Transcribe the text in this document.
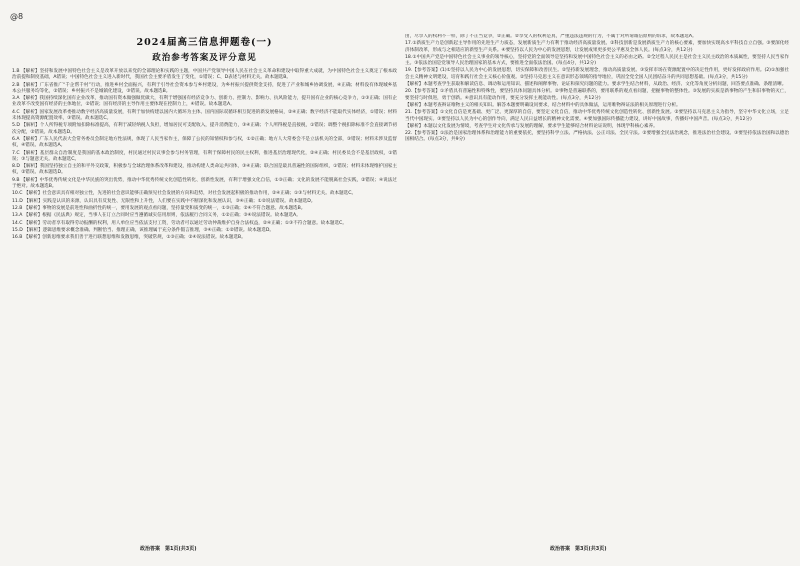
@8
2024届高三信息押题卷(一)
政治参考答案及评分意见

1.B 【解析】坚持和发展中国特色社会主义是改革开放以来党的全部理论和实践的主题，中国共产党领导中国人民在社会主义革命和建设中取得重大成就，为中国特色社会主义奠定了根本政治前提和制度基础，A错误；中国特色社会主义进入新时代，我国社会主要矛盾发生了变化，①错误；C、D表述与材料无关。故本题选B。

2.B 【解析】广东省推广“千企帮千村”行动，推进乡村全面振兴，有利于引导社会资本参与乡村建设，为乡村振兴提供资金支持，促进了产业和城乡协调发展，④正确；材料没有体现城乡基本公共服务均等化，②错误；乡村振兴不是城镇化建设，③错误。故本题选B。

3.A 【解析】我国持续深化国有企业改革，推动国有资本做强做优做大，有利于增强国有经济竞争力、创新力、控制力、影响力、抗风险能力，提升国有企业的核心竞争力，①③正确；国有企业改革不改变国有经济的主体地位，②错误；国有经济的主导作用主要体现在控制力上，④错误。故本题选A。

4.C 【解析】国家发展改革委推动数字经济高质量发展，有利于加快构建以国内大循环为主体、国内国际双循环相互促进的新发展格局，②④正确；数字经济不能取代实体经济，①错误；材料未体现提高资源配置效率，③错误。故本题选C。

5.D 【解析】个人所得税专项附加扣除标准提高，有利于减轻纳税人负担，增加居民可支配收入，提升消费能力，③④正确；个人所得税是直接税，①错误；调整个税扣除标准不会直接调节初次分配，②错误。故本题选D。

6.A 【解析】广东人民代表大会常务委员会制定地方性法规，体现了人民当家作主，保障了公民的知情权和参与权，①②正确；地方人大常委会不是立法机关的全部，③错误；材料未涉及监督权，④错误。故本题选A。

7.C 【解析】基层群众自治制度是我国的基本政治制度，村民通过村民议事会参与村务管理，有利于保障村民的民主权利，推进基层治理现代化，②④正确；村民委员会不是基层政权，①错误；③与题意无关。故本题选C。

8.D 【解析】我国坚持独立自主的和平外交政策，积极参与全球治理体系改革和建设，推动构建人类命运共同体，③④正确；联合国是最具普遍性的国际组织，①错误；材料未体现维护国家主权，②错误。故本题选D。

9.B 【解析】中华优秀传统文化是中华民族的突出优势，推动中华优秀传统文化创造性转化、创新性发展，有利于增强文化自信，①③正确；文化的发展不能脱离社会实践，②错误；④说法过于绝对。故本题选B。

10.C 【解析】社会意识具有相对独立性，先进的社会意识能够正确预见社会发展的方向和趋势，对社会发展起积极的推动作用，②④正确；①③与材料无关。故本题选C。

11.D 【解析】实践是认识的来源，认识具有反复性、无限性和上升性，人们要在实践中不断深化和发展认识，③④正确；①②说法错误。故本题选D。

12.B 【解析】事物的发展是前进性和曲折性的统一，要用发展的观点看问题，坚持量变和质变的统一，①③正确；②④不符合题意。故本题选B。

13.A 【解析】根据《民法典》规定，当事人在订立合同时应当遵循诚实信用原则，依法履行合同义务，①②正确；③④说法错误。故本题选A。

14.C 【解析】劳动者享有取得劳动报酬的权利，用人单位应当依法支付工资，劳动者可以通过劳动仲裁维护自身合法权益，②④正确；①③不符合题意。故本题选C。

15.D 【解析】逻辑思维要求概念准确、判断恰当、推理正确，该推理属于充分条件假言推理，③④正确；①②错误。故本题选D。

16.B 【解析】创新思维要求我们善于进行联想思维和发散思维，突破常规，①③正确；②④说法错误。故本题选B。

由，尽享人的权利不一样，除了不正当竞争，②正确。②享受人的权利是真，严重违法违规的行为，不属于对所谓诚信原则的诉求，故本题选A。

17.①新质生产力是创新起主导作用的先进生产力质态，发展新质生产力有利于推动经济高质量发展。②科技创新是发展新质生产力的核心要素，要加快实现高水平科技自立自强。③要深化经济体制改革，形成与之相适应的新型生产关系。④要坚持以人民为中心的发展思想，让发展成果更多更公平惠及全体人民。(每点3分，共12分)

18.①中国共产党是中国特色社会主义事业的领导核心，坚持党的全面领导是坚持和发展中国特色社会主义的必由之路。②全过程人民民主是社会主义民主政治的本质属性，要坚持人民当家作主。③依法治国是党领导人民治理国家的基本方式，要推进全面依法治国。(每点4分，共12分)

19.【参考答案】(1)①坚持以人民为中心的发展思想，切实保障和改善民生。②坚持新发展理念，推动高质量发展。③发挥市场在资源配置中的决定性作用，更好发挥政府作用。(2)①加强社会主义精神文明建设，培育和践行社会主义核心价值观。②坚持马克思主义在意识形态领域的指导地位，巩固全党全国人民团结奋斗的共同思想基础。(每点3分，共15分)

【解析】本题考查学生获取和解读信息、调动和运用知识、描述和阐释事物、论证和探究问题的能力。要求学生结合材料，从政治、经济、文化等角度分析问题，回答要点准确、条理清晰。

20.【参考答案】①矛盾具有普遍性和特殊性，要坚持具体问题具体分析。②事物是普遍联系的，要用联系的观点看问题，把握事物的整体性。③发展的实质是新事物的产生和旧事物的灭亡，要坚持与时俱进，勇于创新。④意识具有能动作用，要充分发挥主观能动性。(每点3分，共12分)

【解析】本题考查辩证唯物主义的相关知识。解答本题要明确设问要求，结合材料中的具体做法，运用唯物辩证法的相关原理进行分析。

21.【参考答案】①文化自信是更基础、更广泛、更深厚的自信，要坚定文化自信，推动中华优秀传统文化创造性转化、创新性发展。②要坚持以马克思主义为指导，坚守中华文化立场，立足当代中国现实。③要坚持以人民为中心的创作导向，满足人民日益增长的精神文化需要。④要加强国际传播能力建设，讲好中国故事，传播好中国声音。(每点3分，共12分)

【解析】本题以文化发展为情境，考查学生对文化传承与发展的理解，要求学生能够结合材料论证说明，体现学科核心素养。

22.【参考答案】①法治是国家治理体系和治理能力的重要依托，要坚持科学立法、严格执法、公正司法、全民守法。②要增强全民法治观念，推进法治社会建设。③要坚持依法治国和以德治国相结合。(每点3分，共9分)

政治答案　第1页(共3页)	政治答案　第3页(共3页)
